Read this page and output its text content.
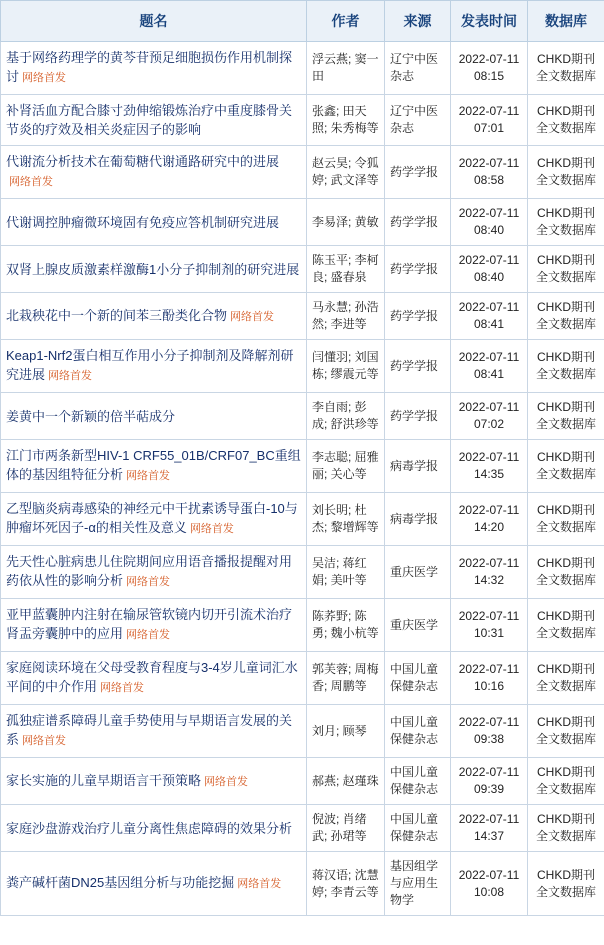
题名	作者	来源	发表时间	数据库
基于网络药理学的黄芩苷预足细胞损伤作用机制探讨 网络首发	浮云燕; 窦一田	辽宁中医杂志	2022-07-11 08:15	CHKD期刊全文数据库
补肾活血方配合膝寸劲伸缩锻炼治疗中重度膝骨关节炎的疗效及相关炎症因子的影响	张鑫; 田天照; 朱秀梅等	辽宁中医杂志	2022-07-11 07:01	CHKD期刊全文数据库
代谢流分析技术在葡萄糖代谢通路研究中的进展网络首发	赵云昊; 令狐婷; 武文泽等	药学学报	2022-07-11 08:58	CHKD期刊全文数据库
代谢调控肿瘤微环境固有免疫应答机制研究进展	李易泽; 黄敏	药学学报	2022-07-11 08:40	CHKD期刊全文数据库
双肾上腺皮质激素样激酶1小分子抑制剂的研究进展	陈玉平; 李柯良; 盛春泉	药学学报	2022-07-11 08:40	CHKD期刊全文数据库
北栽秧花中一个新的间苯三酚类化合物 网络首发	马永慧; 孙浩然; 李进等	药学学报	2022-07-11 08:41	CHKD期刊全文数据库
Keap1-Nrf2蛋白相互作用小分子抑制剂及降解剂研究进展 网络首发	闫懂羽; 刘国栋; 缪震元等	药学学报	2022-07-11 08:41	CHKD期刊全文数据库
姜黄中一个新颖的倍半萜成分	李自雨; 彭成; 舒洪珍等	药学学报	2022-07-11 07:02	CHKD期刊全文数据库
江门市两条新型HIV-1 CRF55_01B/CRF07_BC重组体的基因组特征分析 网络首发	李志聪; 屈雅丽; 关心等	病毒学报	2022-07-11 14:35	CHKD期刊全文数据库
乙型脑炎病毒感染的神经元中干扰素诱导蛋白-10与肿瘤坏死因子-α的相关性及意义 网络首发	刘长明; 杜杰; 黎增辉等	病毒学报	2022-07-11 14:20	CHKD期刊全文数据库
先天性心脏病患儿住院期间应用语音播报提醒对用药依从性的影响分析 网络首发	吴洁; 蒋红娟; 美叶等	重庆医学	2022-07-11 14:32	CHKD期刊全文数据库
亚甲蓝囊肿内注射在输尿管软镜内切开引流术治疗肾盂旁囊肿中的应用 网络首发	陈荞野; 陈勇; 魏小杭等	重庆医学	2022-07-11 10:31	CHKD期刊全文数据库
家庭阅读环境在父母受教育程度与3-4岁儿童词汇水平间的中介作用 网络首发	郭芙蓉; 周梅香; 周鹏等	中国儿童保健杂志	2022-07-11 10:16	CHKD期刊全文数据库
孤独症谱系障碍儿童手势使用与早期语言发展的关系 网络首发	刘月; 顾琴	中国儿童保健杂志	2022-07-11 09:38	CHKD期刊全文数据库
家长实施的儿童早期语言干预策略 网络首发	郝燕; 赵瑾珠	中国儿童保健杂志	2022-07-11 09:39	CHKD期刊全文数据库
家庭沙盘游戏治疗儿童分离性焦虑障碍的效果分析	倪波; 肖绪武; 孙珺等	中国儿童保健杂志	2022-07-11 14:37	CHKD期刊全文数据库
粪产碱杆菌DN25基因组分析与功能挖掘 网络首发	蒋汉语; 沈慧婷; 李青云等	基因组学与应用生物学	2022-07-11 10:08	CHKD期刊全文数据库
